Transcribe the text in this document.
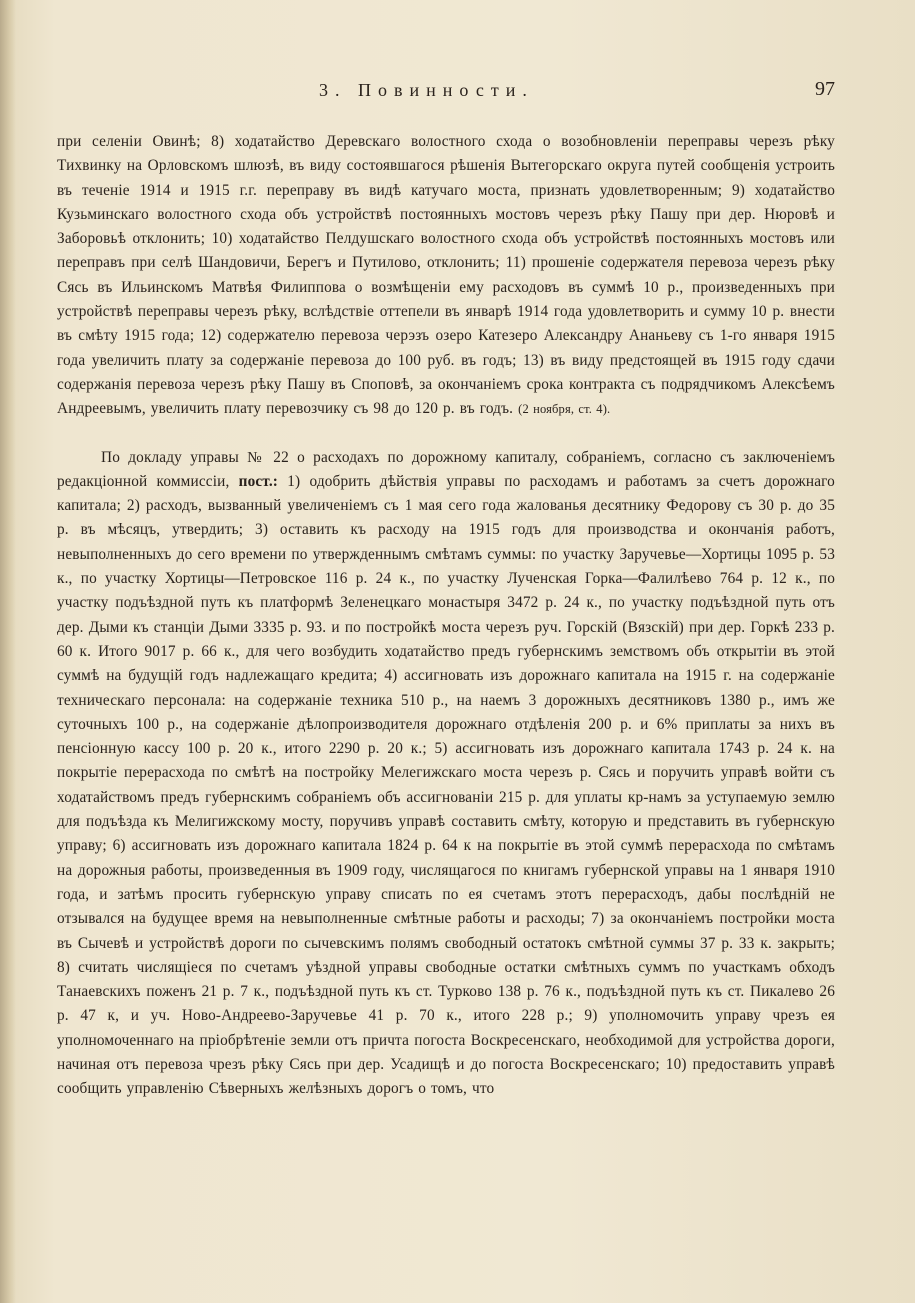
3. Повинности.	97

при селенiи Овинѣ; 8) ходатайство Деревскаго волостного схода о возобновленiи переправы черезъ рѣку Тихвинку на Орловскомъ шлюзѣ, въ виду состоявшагося рѣшенiя Вытегорскаго округа путей сообщенiя устроить въ теченiе 1914 и 1915 г.г. переправу въ видѣ катучаго моста, признать удовлетворенным; 9) ходатайство Кузьминскаго волостного схода объ устройствѣ постоянныхъ мостовъ черезъ рѣку Пашу при дер. Нюровѣ и Заборовьѣ отклонить; 10) ходатайство Пелдушскаго волостного схода объ устройствѣ постоянныхъ мостовъ или переправъ при селѣ Шандовичи, Берегъ и Путилово, отклонить; 11) прошенiе содержателя перевоза черезъ рѣку Сясь въ Ильинскомъ Матвѣя Филиппова о возмѣщенiи ему расходовъ въ суммѣ 10 р., произведенныхъ при устройствѣ переправы черезъ рѣку, вслѣдствiе оттепели въ январѣ 1914 года удовлетворить и сумму 10 р. внести въ смѣту 1915 года; 12) содержателю перевоза черэзъ озеро Катезеро Александру Ананьеву съ 1-го января 1915 года увеличить плату за содержанiе перевоза до 100 руб. въ годъ; 13) въ виду предстоящей въ 1915 году сдачи содержанiя перевоза черезъ рѣку Пашу въ Споповѣ, за окончанiемъ срока контракта съ подрядчикомъ Алексѣемъ Андреевымъ, увеличить плату перевозчику съ 98 до 120 р. въ годъ. (2 ноября, ст. 4).

По докладу управы № 22 о расходахъ по дорожному капиталу, собранiемъ, согласно съ заключенiемъ редакцiонной коммиссiи, пост.: 1) одобрить дѣйствiя управы по расходамъ и работамъ за счетъ дорожнаго капитала; 2) расходъ, вызванный увеличенiемъ съ 1 мая сего года жалованья десятнику Федорову съ 30 р. до 35 р. въ мѣсяцъ, утвердить; 3) оставить къ расходу на 1915 годъ для производства и окончанiя работъ, невыполненныхъ до сего времени по утвержденнымъ смѣтамъ суммы: по участку Заручевье—Хортицы 1095 р. 53 к., по участку Хортицы—Петровское 116 р. 24 к., по участку Лученская Горка—Фалилѣево 764 р. 12 к., по участку подъѣздной путь къ платформѣ Зеленецкаго монастыря 3472 р. 24 к., по участку подъѣздной путь отъ дер. Дыми къ станцiи Дыми 3335 р. 93. и по постройкѣ моста черезъ руч. Горскiй (Вязскiй) при дер. Горкѣ 233 р. 60 к. Итого 9017 р. 66 к., для чего возбудить ходатайство предъ губернскимъ земствомъ объ открытiи въ этой суммѣ на будущiй годъ надлежащаго кредита; 4) ассигновать изъ дорожнаго капитала на 1915 г. на содержанiе техническаго персонала: на содержанiе техника 510 р., на наемъ 3 дорожныхъ десятниковъ 1380 р., имъ же суточныхъ 100 р., на содержанiе дѣлопроизводителя дорожнаго отдѣленiя 200 р. и 6% приплаты за нихъ въ пенсiонную кассу 100 р. 20 к., итого 2290 р. 20 к.; 5) ассигновать изъ дорожнаго капитала 1743 р. 24 к. на покрытiе перерасхода по смѣтѣ на постройку Мелегижскаго моста черезъ р. Сясь и поручить управѣ войти съ ходатайствомъ предъ губернскимъ собранiемъ объ ассигнованiи 215 р. для уплаты кр-намъ за уступаемую землю для подъѣзда къ Мелигижскому мосту, поручивъ управѣ составить смѣту, которую и представить въ губернскую управу; 6) ассигновать изъ дорожнаго капитала 1824 р. 64 к на покрытiе въ этой суммѣ перерасхода по смѣтамъ на дорожныя работы, произведенныя въ 1909 году, числящагося по книгамъ губернской управы на 1 января 1910 года, и затѣмъ просить губернскую управу списать по ея счетамъ этотъ перерасходъ, дабы послѣднiй не отзывался на будущее время на невыполненные смѣтные работы и расходы; 7) за окончанiемъ постройки моста въ Сычевѣ и устройствѣ дороги по сычевскимъ полямъ свободный остатокъ смѣтной суммы 37 р. 33 к. закрыть; 8) считать числящiеся по счетамъ уѣздной управы свободные остатки смѣтныхъ суммъ по участкамъ обходъ Танаевскихъ поженъ 21 р. 7 к., подъѣздной путь къ ст. Турково 138 р. 76 к., подъѣздной путь къ ст. Пикалево 26 р. 47 к, и уч. Ново-Андреево-Заручевье 41 р. 70 к., итого 228 р.; 9) уполномочить управу чрезъ ея уполномоченнаго на прiобрѣтенiе земли отъ причта погоста Воскресенскаго, необходимой для устройства дороги, начиная отъ перевоза чрезъ рѣку Сясь при дер. Усадищѣ и до погоста Воскресенскаго; 10) предоставить управѣ сообщить управленiю Сѣверныхъ желѣзныхъ дорогъ о томъ, что
